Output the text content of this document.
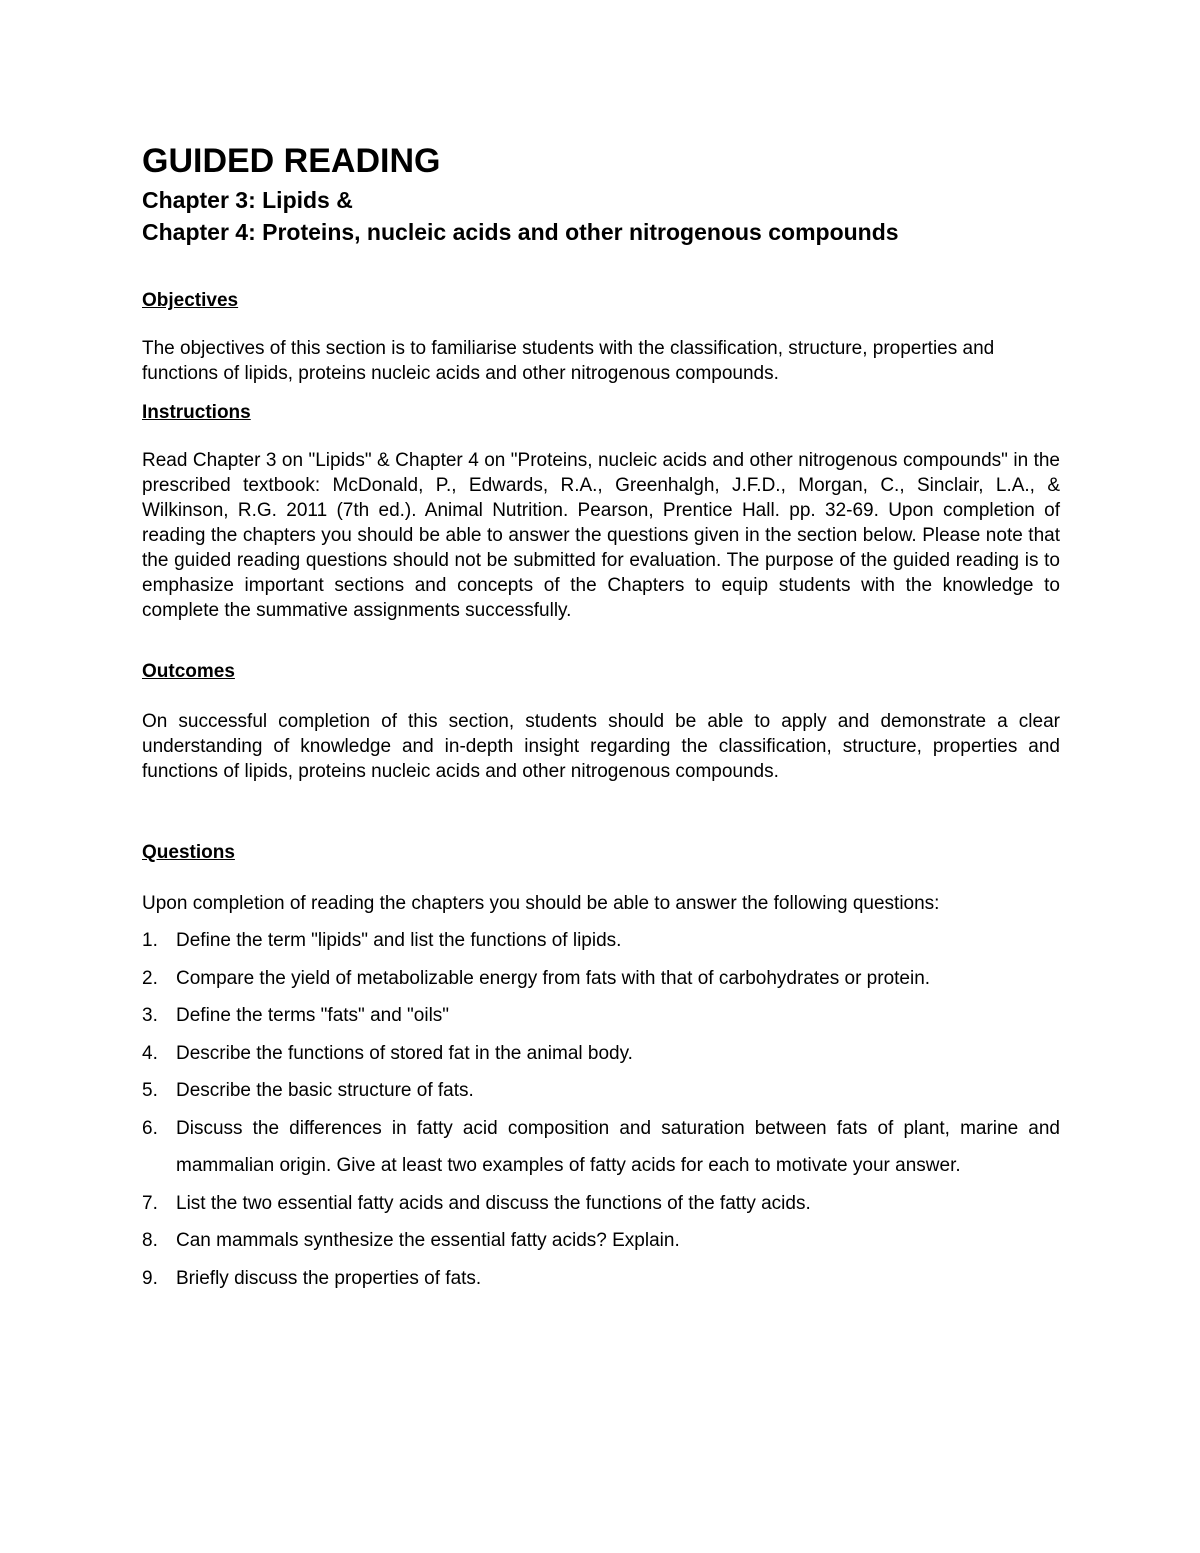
GUIDED READING
Chapter 3: Lipids &
Chapter 4: Proteins, nucleic acids and other nitrogenous compounds
Objectives

The objectives of this section is to familiarise students with the classification, structure, properties and functions of lipids, proteins nucleic acids and other nitrogenous compounds.

Instructions

Read Chapter 3 on "Lipids" & Chapter 4 on "Proteins, nucleic acids and other nitrogenous compounds" in the prescribed textbook: McDonald, P., Edwards, R.A., Greenhalgh, J.F.D., Morgan, C., Sinclair, L.A., & Wilkinson, R.G. 2011 (7th ed.). Animal Nutrition. Pearson, Prentice Hall. pp. 32-69. Upon completion of reading the chapters you should be able to answer the questions given in the section below. Please note that the guided reading questions should not be submitted for evaluation. The purpose of the guided reading is to emphasize important sections and concepts of the Chapters to equip students with the knowledge to complete the summative assignments successfully.

Outcomes

On successful completion of this section, students should be able to apply and demonstrate a clear understanding of knowledge and in-depth insight regarding the classification, structure, properties and functions of lipids, proteins nucleic acids and other nitrogenous compounds.

Questions

Upon completion of reading the chapters you should be able to answer the following questions:

1. Define the term "lipids" and list the functions of lipids.
2. Compare the yield of metabolizable energy from fats with that of carbohydrates or protein.
3. Define the terms "fats" and "oils"
4. Describe the functions of stored fat in the animal body.
5. Describe the basic structure of fats.
6. Discuss the differences in fatty acid composition and saturation between fats of plant, marine and mammalian origin. Give at least two examples of fatty acids for each to motivate your answer.
7. List the two essential fatty acids and discuss the functions of the fatty acids.
8. Can mammals synthesize the essential fatty acids? Explain.
9. Briefly discuss the properties of fats.
